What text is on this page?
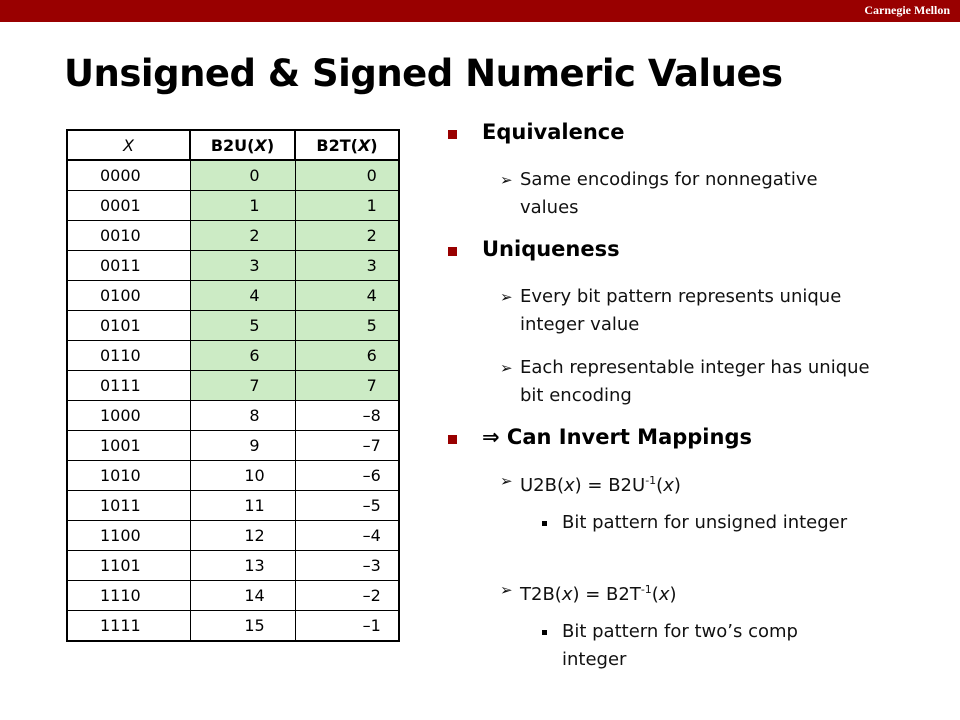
Carnegie Mellon
Unsigned & Signed Numeric Values
X	B2U(X)	B2T(X)
0000	0	0
0001	1	1
0010	2	2
0011	3	3
0100	4	4
0101	5	5
0110	6	6
0111	7	7
1000	8	–8
1001	9	–7
1010	10	–6
1011	11	–5
1100	12	–4
1101	13	–3
1110	14	–2
1111	15	–1
Equivalence
➢ Same encodings for nonnegative values
Uniqueness
➢ Every bit pattern represents unique integer value
➢ Each representable integer has unique bit encoding
⇒ Can Invert Mappings
➢ $U2B(x) = B2U^{-1}(x)$
Bit pattern for unsigned integer
➢ $T2B(x) = B2T^{-1}(x)$
Bit pattern for two’s comp integer
